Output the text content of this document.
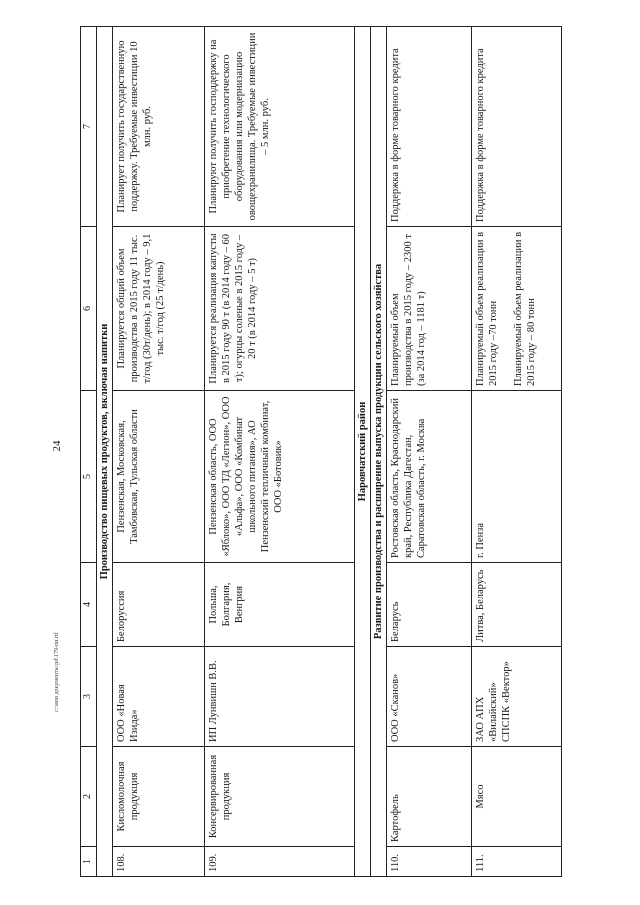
24
c:\мои документы\рd\179-пи.rtf
1	2	3	4	5	6	7
Производство пищевых продуктов, включая напитки						
108.	Кисломолочная продукция	ООО «Новая Изида»	Белоруссия	Пензенская, Московская, Тамбовская, Тульская области	Планируется общий объем производства в 2015 году 11 тыс. т/год (30т/день); в 2014 году – 9,1 тыс. т/год (25 т/день)	Планирует получить государственную поддержку. Требуемые инвестиции 10 млн. руб.
109.	Консервированная продукция	ИП Лунвишн В.В.	Польша, Болгария, Венгрия	Пензенская область, ООО «Яблоко», ООО ТД «Легион», ООО «Альфа», ООО «Комбинат школьного питания», АО Пензенский тепличный комбинат, ООО «Ботовик»	Планируется реализация капусты в 2015 году 90 т (в 2014 году – 60 т); огурцы соленые в 2015 году – 20 т (в 2014 году – 5 т)	Планируют получить господдержку на приобретение технологического оборудования или модернизацию овощехранилища. Требуемые инвестиции – 5 млн. руб.
Наровчатский район						
Развитие производства и расширение выпуска продукции сельского хозяйства						
110.	Картофель	ООО «Сканов»	Беларусь	Ростовская область, Краснодарский край, Республика Дагестан, Саратовская область, г. Москва	Планируемый объем производства в 2015 году – 2300 т (за 2014 год – 1181 т)	Поддержка в форме товарного кредита
111.	Мясо	ЗАО АПХ «Вилайский» СПСПК «Вектор»	Литва, Беларусь	г. Пенза	Планируемый объем реализации в 2015 году –70 тонн Планируемый объем реализации в 2015 году – 80 тонн	Поддержка в форме товарного кредита
